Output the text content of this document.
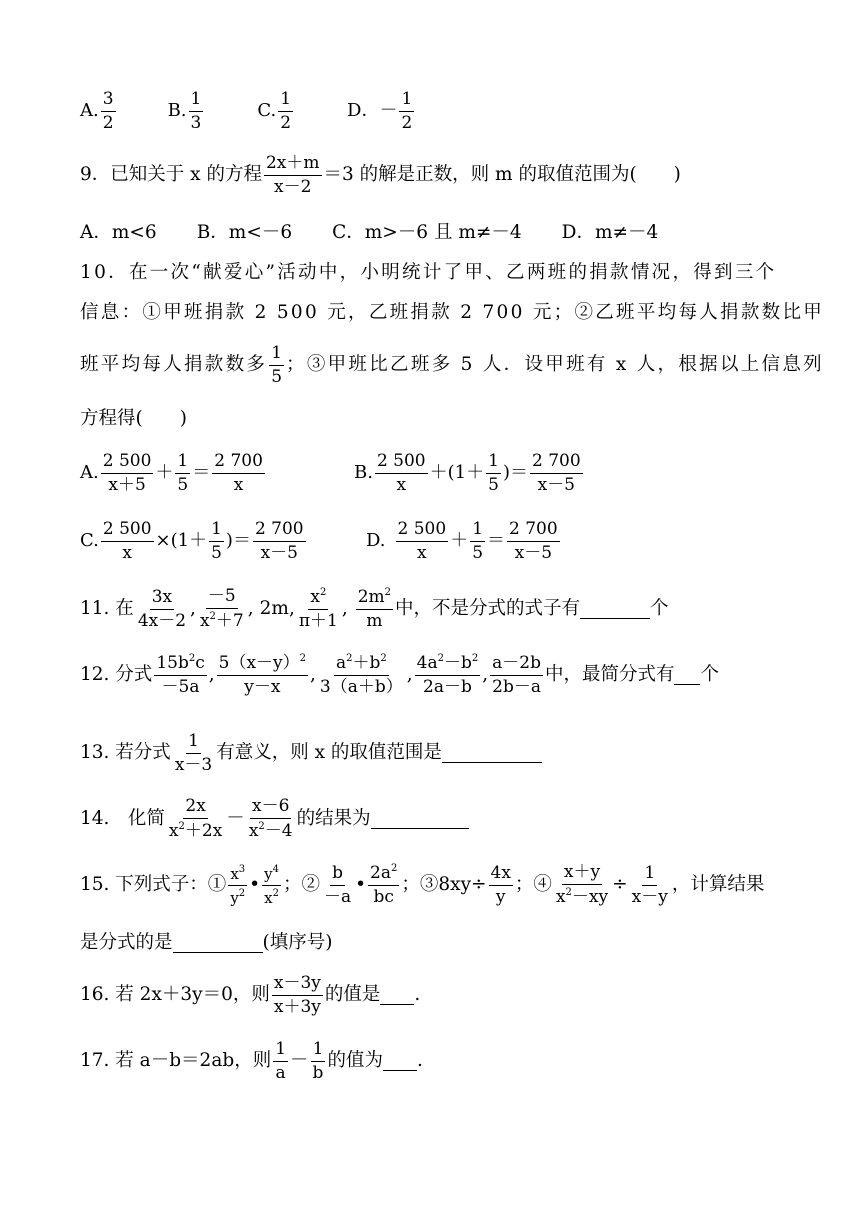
A. $\frac{3}{2}$	B. $\frac{1}{3}$	C. $\frac{1}{2}$	D．－ $\frac{1}{2}$
9．已知关于 x 的方程 $\frac{2x+m}{x-2} =3$ 的解是正数，则 m 的取值范围为(　　)
A．m<6 B．m<－6 C．m>－6 且 m≠－4 D．m≠－4
10．在一次“献爱心”活动中，小明统计了甲、乙两班的捐款情况，得到三个
信息：①甲班捐款 2 500 元，乙班捐款 2 700 元；②乙班平均每人捐款数比甲
班平均每人捐款数多 $\frac{1}{5}$ ；③甲班比乙班多 5 人．设甲班有 x 人，根据以上信息列
方程得(　　)
A. $\frac{2 500}{x+5} + \frac{1}{5} = \frac{2 700}{x}$	B. $\frac{2 500}{x} +(1+ \frac{1}{5}$ )＝ $\frac{2 700}{x-5}$
C. $\frac{2 500}{x} \times(1+ \frac{1}{5}$ )＝ $\frac{2 700}{x-5}$	D. $\frac{2 500}{x} + \frac{1}{5} = \frac{2 700}{x-5}$
11. 在 $\frac{3x}{4x-2}$ , $\frac{-5}{x^2+7}$ , 2m, $\frac{x^2}{\pi+1}$ , $\frac{2m^2}{m}$ 中，不是分式的式子有	个
12. 分式 $\frac{15b^2c}{-5a}$ , $\frac{5(x-y)^2}{y-x}$ , $\frac{a^2+b^2}{3(a+b)}$ , $\frac{4a^2-b^2}{2a-b}$ , $\frac{a-2b}{2b-a}$ 中，最简分式有 个
13. 若分式 $\frac{1}{x-3}$ 有意义，则 x 的取值范围是
14.　化简 $\frac{2x}{x^2+2x} - \frac{x-6}{x^2-4}$ 的结果为
15. 下列式子：① $\frac{x^3}{y^2}$ • $\frac{y^4}{x^2}$ ；② $\frac{b}{-a}$ • $\frac{2a^2}{bc}$ ；③8xy÷ $\frac{4x}{y}$ ；④ $\frac{x+y}{x^2-xy} \div \frac{1}{x-y}$ ，计算结果
是分式的是	(填序号)
16. 若 2x＋3y＝0，则 $\frac{x-3y}{x+3y}$ 的值是 .
17. 若 a－b＝2ab，则 $\frac{1}{a} - \frac{1}{b}$ 的值为 .
